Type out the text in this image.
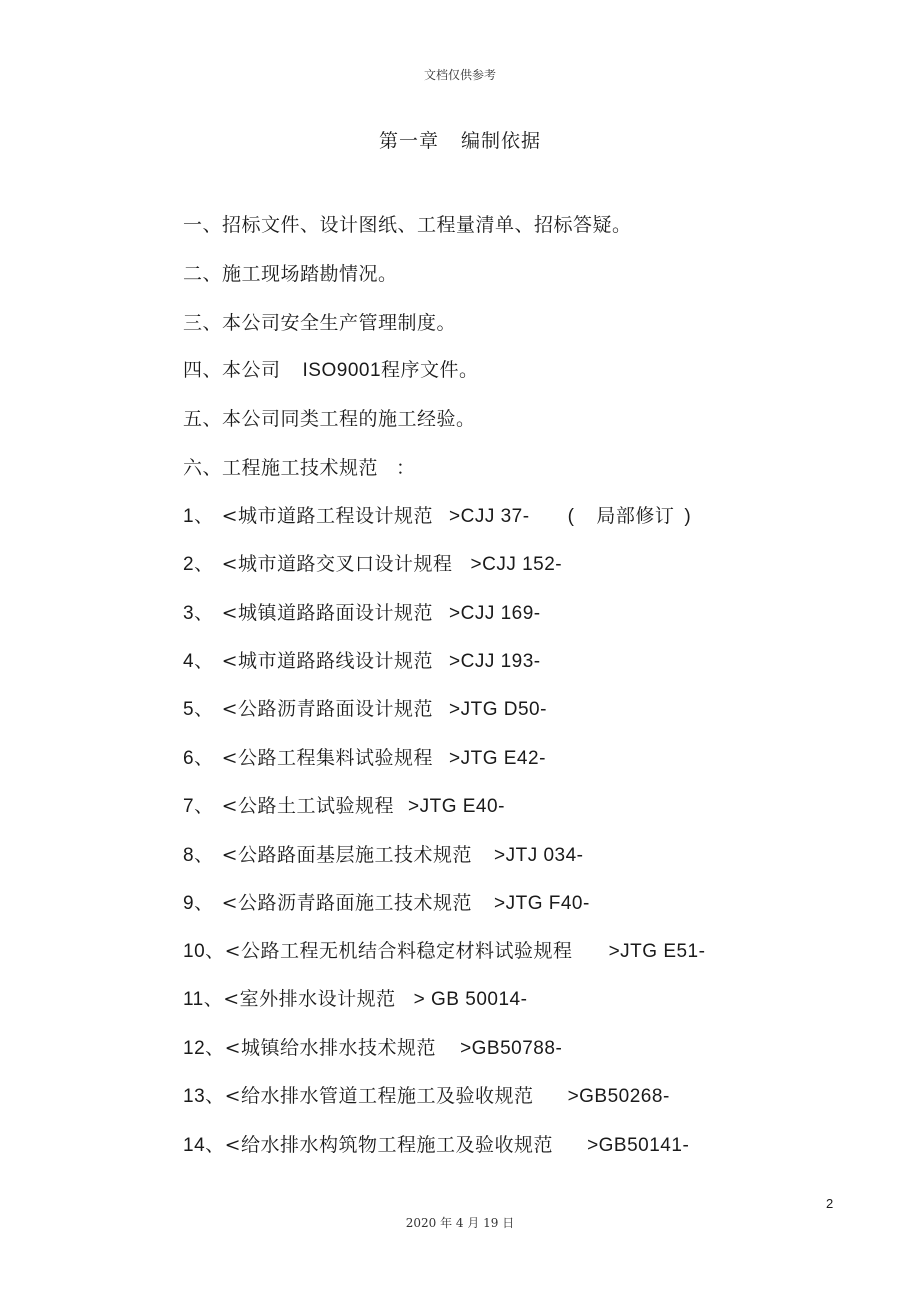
文档仅供参考
第一章 编制依据
一、招标文件、设计图纸、工程量清单、招标答疑。
二、施工现场踏勘情况。
三、本公司安全生产管理制度。
四、本公司 ISO9001程序文件。
五、本公司同类工程的施工经验。
六、工程施工技术规范 ：
1、 <城市道路工程设计规范 >CJJ 37- ( 局部修订 )
2、 <城市道路交叉口设计规程 >CJJ 152-
3、 <城镇道路路面设计规范 >CJJ 169-
4、 <城市道路路线设计规范 >CJJ 193-
5、 <公路沥青路面设计规范 >JTG D50-
6、 <公路工程集料试验规程 >JTG E42-
7、 <公路土工试验规程 >JTG E40-
8、 <公路路面基层施工技术规范 >JTJ 034-
9、 <公路沥青路面施工技术规范 >JTG F40-
10、<公路工程无机结合料稳定材料试验规程 >JTG E51-
11、<室外排水设计规范 > GB 50014-
12、<城镇给水排水技术规范 >GB50788-
13、<给水排水管道工程施工及验收规范 >GB50268-
14、<给水排水构筑物工程施工及验收规范 >GB50141-
2
2020 年 4 月 19 日
